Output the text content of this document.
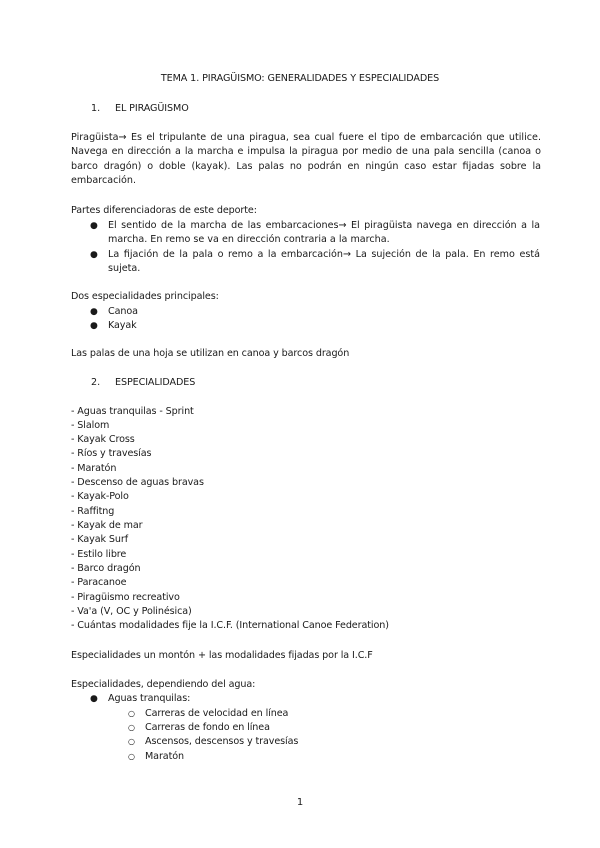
TEMA 1. PIRAGÜISMO: GENERALIDADES Y ESPECIALIDADES
1. EL PIRAGÜISMO
Piragüista→ Es el tripulante de una piragua, sea cual fuere el tipo de embarcación que utilice. Navega en dirección a la marcha e impulsa la piragua por medio de una pala sencilla (canoa o barco dragón) o doble (kayak). Las palas no podrán en ningún caso estar fijadas sobre la embarcación.
Partes diferenciadoras de este deporte:
● El sentido de la marcha de las embarcaciones→ El piragüista navega en dirección a la marcha. En remo se va en dirección contraria a la marcha.
● La fijación de la pala o remo a la embarcación→ La sujeción de la pala. En remo está sujeta.
Dos especialidades principales:
● Canoa
● Kayak
Las palas de una hoja se utilizan en canoa y barcos dragón
2. ESPECIALIDADES
- Aguas tranquilas - Sprint
- Slalom
- Kayak Cross
- Ríos y travesías
- Maratón
- Descenso de aguas bravas
- Kayak-Polo
- Raffitng
- Kayak de mar
- Kayak Surf
- Estilo libre
- Barco dragón
- Paracanoe
- Piragüismo recreativo
- Va'a (V, OC y Polinésica)
- Cuántas modalidades fije la I.C.F. (International Canoe Federation)
Especialidades un montón + las modalidades fijadas por la I.C.F
Especialidades, dependiendo del agua:
● Aguas tranquilas:
○ Carreras de velocidad en línea
○ Carreras de fondo en línea
○ Ascensos, descensos y travesías
○ Maratón
1
